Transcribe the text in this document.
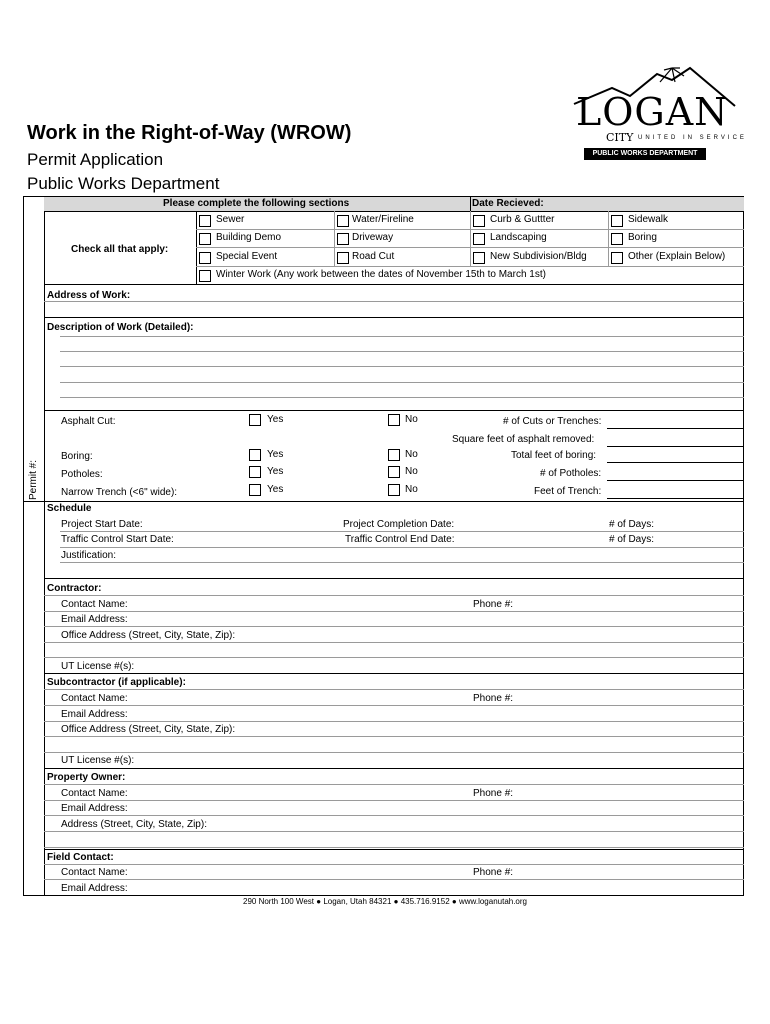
Work in the Right-of-Way (WROW)
Permit Application
Public Works Department
LOGAN
CITY UNITED IN SERVICE
PUBLIC WORKS DEPARTMENT
Permit #:
Please complete the following sections	Date Recieved:
Check all that apply:
Sewer	Water/Fireline	Curb & Guttter	Sidewalk
Building Demo	Driveway	Landscaping	Boring
Special Event	Road Cut	New Subdivision/Bldg	Other (Explain Below)
Winter Work (Any work between the dates of November 15th to March 1st)
Address of Work:
Description of Work (Detailed):
Asphalt Cut:	Yes	No	# of Cuts or Trenches:
Square feet of asphalt removed:
Boring:	Yes	No	Total feet of boring:
Potholes:	Yes	No	# of Potholes:
Narrow Trench (<6" wide):	Yes	No	Feet of Trench:
Schedule
Project Start Date:	Project Completion Date:	# of Days:
Traffic Control Start Date:	Traffic Control End Date:	# of Days:
Justification:
Contractor:
Contact Name:	Phone #:
Email Address:
Office Address (Street, City, State, Zip):
UT License #(s):
Subcontractor (if applicable):
Contact Name:	Phone #:
Email Address:
Office Address (Street, City, State, Zip):
UT License #(s):
Property Owner:
Contact Name:	Phone #:
Email Address:
Address (Street, City, State, Zip):
Field Contact:
Contact Name:	Phone #:
Email Address:
290 North 100 West ● Logan, Utah 84321 ● 435.716.9152 ● www.loganutah.org
